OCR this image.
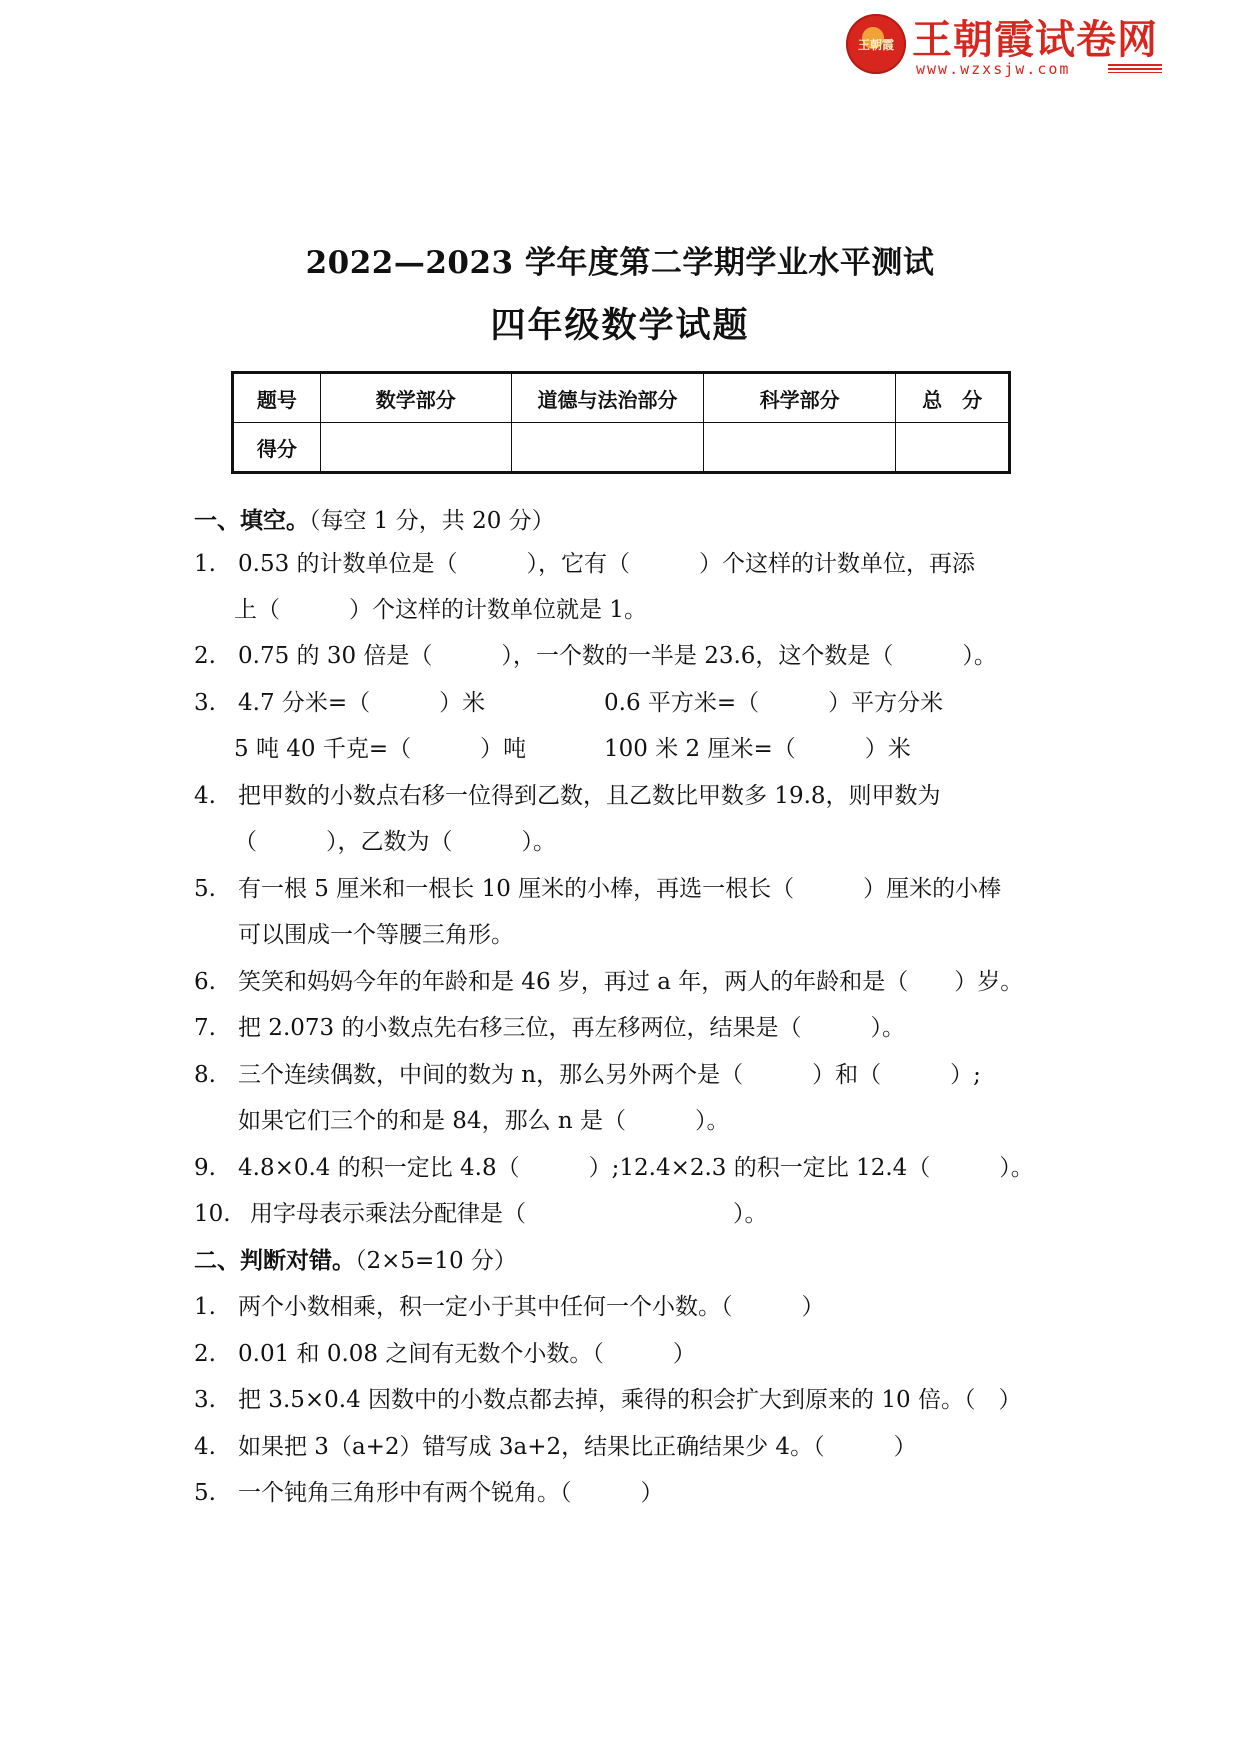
王朝霞 王朝霞试卷网
www.wzxsjw.com
2022—2023 学年度第二学期学业水平测试
四年级数学试题
题号	数学部分	道德与法治部分	科学部分	总　分
得分				
一、填空。（每空 1 分，共 20 分）
1. 0.53 的计数单位是（　　　），它有（　　　）个这样的计数单位，再添
上（　　　）个这样的计数单位就是 1。
2. 0.75 的 30 倍是（　　　），一个数的一半是 23.6，这个数是（　　　）。
3. 4.7 分米=（　　　）米	0.6 平方米=（　　　）平方分米
5 吨 40 千克=（　　　）吨	100 米 2 厘米=（　　　）米
4. 把甲数的小数点右移一位得到乙数，且乙数比甲数多 19.8，则甲数为
（　　　），乙数为（　　　）。
5. 有一根 5 厘米和一根长 10 厘米的小棒，再选一根长（　　　）厘米的小棒
可以围成一个等腰三角形。
6. 笑笑和妈妈今年的年龄和是 46 岁，再过 a 年，两人的年龄和是（　　）岁。
7. 把 2.073 的小数点先右移三位，再左移两位，结果是（　　　）。
8. 三个连续偶数，中间的数为 n，那么另外两个是（　　　）和（　　　）;
如果它们三个的和是 84，那么 n 是（　　　）。
9. 4.8×0.4 的积一定比 4.8（　　　）;12.4×2.3 的积一定比 12.4（　　　）。
10. 用字母表示乘法分配律是（　　　　　　　　　）。
二、判断对错。（2×5=10 分）
1. 两个小数相乘，积一定小于其中任何一个小数。（　　　）
2. 0.01 和 0.08 之间有无数个小数。（　　　）
3. 把 3.5×0.4 因数中的小数点都去掉，乘得的积会扩大到原来的 10 倍。（　）
4. 如果把 3（a+2）错写成 3a+2，结果比正确结果少 4。（　　　）
5. 一个钝角三角形中有两个锐角。（　　　）
